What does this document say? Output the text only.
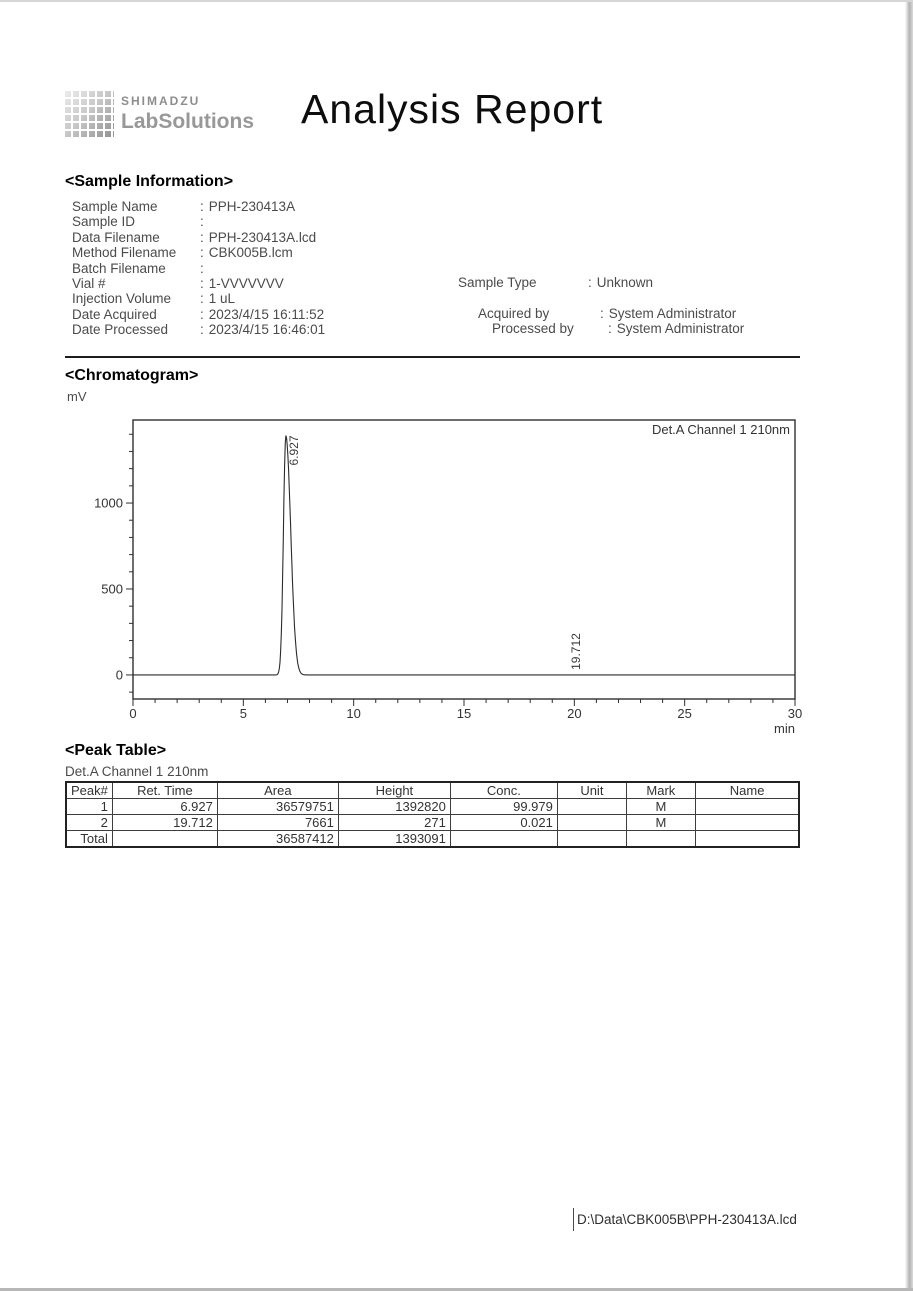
SHIMADZU
LabSolutions Analysis Report
<Sample Information>
Sample Name	: PPH-230413A
Sample ID	:
Data Filename	: PPH-230413A.lcd
Method Filename	: CBK005B.lcm
Batch Filename	:
Vial #	: 1-VVVVVVV
Injection Volume	: 1 uL
Date Acquired	: 2023/4/15 16:11:52
Date Processed	: 2023/4/15 16:46:01
Sample Type	: Unknown
Acquired by	: System Administrator
Processed by	: System Administrator
<Chromatogram>
mV
Det.A Channel 1 210nm
min
0	5	10	15	20	25	30
0
500
1000
6.927
19.712
<Peak Table>
Det.A Channel 1 210nm
Peak#	Ret. Time	Area	Height	Conc.	Unit	Mark	Name
1	6.927	36579751	1392820	99.979		M	
2	19.712	7661	271	0.021		M	
Total		36587412	1393091				
D:\Data\CBK005B\PPH-230413A.lcd
